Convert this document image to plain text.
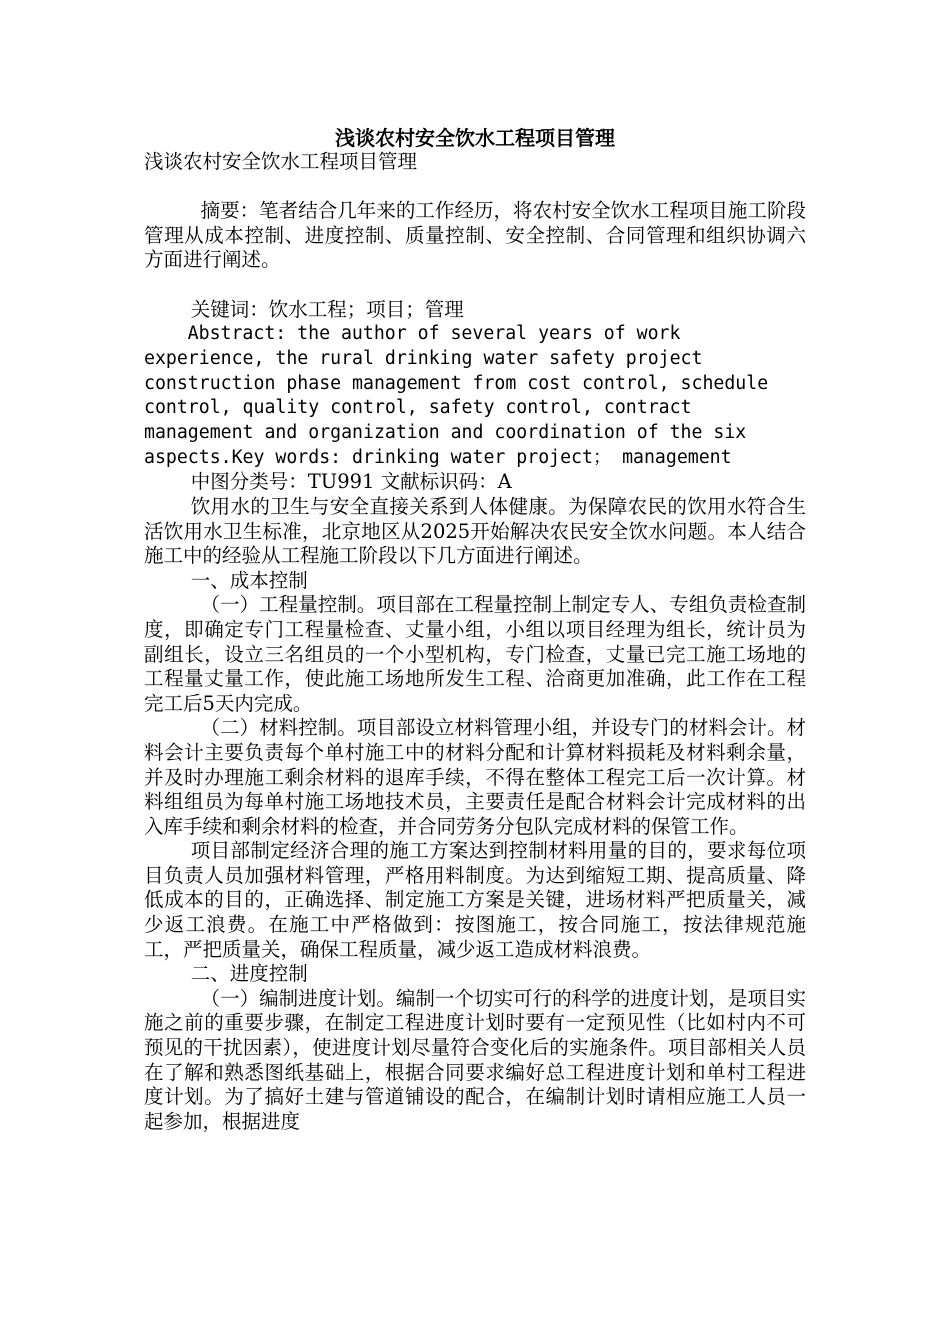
浅谈农村安全饮水工程项目管理

浅谈农村安全饮水工程项目管理

摘要：笔者结合几年来的工作经历，将农村安全饮水工程项目施工阶段管理从成本控制、进度控制、质量控制、安全控制、合同管理和组织协调六方面进行阐述。

关键词：饮水工程；项目；管理

Abstract: the author of several years of work experience, the rural drinking water safety project construction phase management from cost control, schedule control, quality control, safety control, contract management and organization and coordination of the six aspects.Key words: drinking water project； management

中图分类号：TU991 文献标识码：A

饮用水的卫生与安全直接关系到人体健康。为保障农民的饮用水符合生活饮用水卫生标准，北京地区从2025开始解决农民安全饮水问题。本人结合施工中的经验从工程施工阶段以下几方面进行阐述。

一、成本控制

（一）工程量控制。项目部在工程量控制上制定专人、专组负责检查制度，即确定专门工程量检查、丈量小组，小组以项目经理为组长，统计员为副组长，设立三名组员的一个小型机构，专门检查，丈量已完工施工场地的工程量丈量工作，使此施工场地所发生工程、洽商更加准确，此工作在工程完工后5天内完成。

（二）材料控制。项目部设立材料管理小组，并设专门的材料会计。材料会计主要负责每个单村施工中的材料分配和计算材料损耗及材料剩余量，并及时办理施工剩余材料的退库手续，不得在整体工程完工后一次计算。材料组组员为每单村施工场地技术员，主要责任是配合材料会计完成材料的出入库手续和剩余材料的检查，并合同劳务分包队完成材料的保管工作。

项目部制定经济合理的施工方案达到控制材料用量的目的，要求每位项目负责人员加强材料管理，严格用料制度。为达到缩短工期、提高质量、降低成本的目的，正确选择、制定施工方案是关键，进场材料严把质量关，减少返工浪费。在施工中严格做到：按图施工，按合同施工，按法律规范施工，严把质量关，确保工程质量，减少返工造成材料浪费。

二、进度控制

（一）编制进度计划。编制一个切实可行的科学的进度计划，是项目实施之前的重要步骤，在制定工程进度计划时要有一定预见性（比如村内不可预见的干扰因素），使进度计划尽量符合变化后的实施条件。项目部相关人员在了解和熟悉图纸基础上，根据合同要求编好总工程进度计划和单村工程进度计划。为了搞好土建与管道铺设的配合，在编制计划时请相应施工人员一起参加，根据进度
